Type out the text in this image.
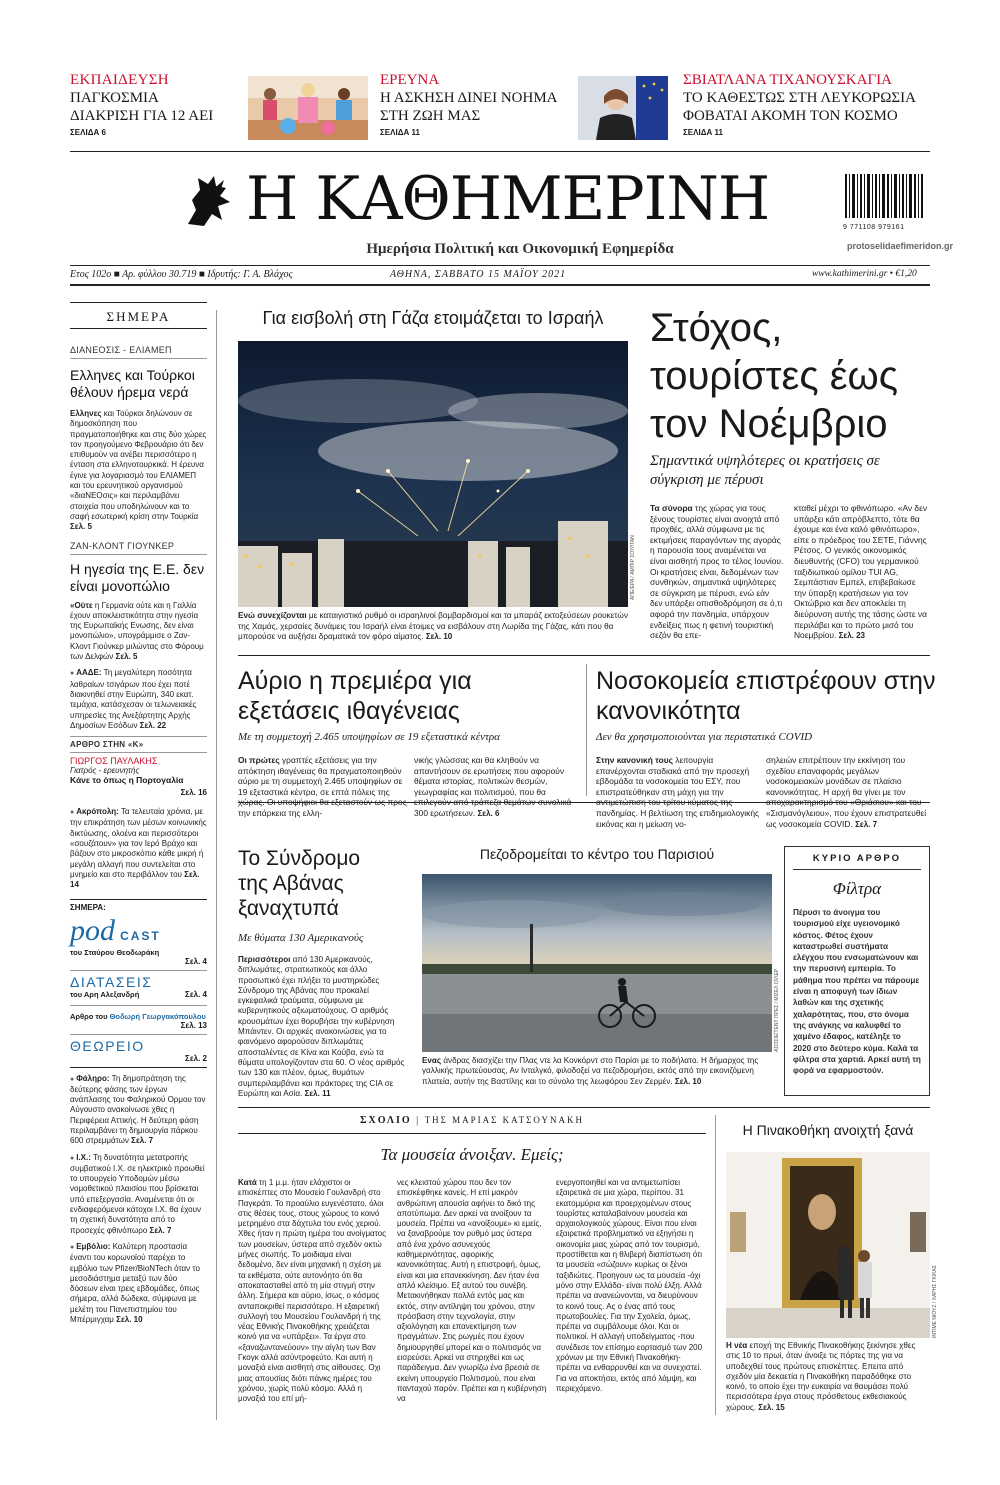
ΕΚΠΑΙΔΕΥΣΗ
ΠΑΓΚΟΣΜΙΑ ΔΙΑΚΡΙΣΗ ΓΙΑ 12 ΑΕΙ
ΣΕΛΙΔΑ 6
ΕΡΕΥΝΑ
Η ΑΣΚΗΣΗ ΔΙΝΕΙ ΝΟΗΜΑ ΣΤΗ ΖΩΗ ΜΑΣ
ΣΕΛΙΔΑ 11
ΣΒΙΑΤΛΑΝΑ ΤΙΧΑΝΟΥΣΚΑΓΙΑ
ΤΟ ΚΑΘΕΣΤΩΣ ΣΤΗ ΛΕΥΚΟΡΩΣΙΑ ΦΟΒΑΤΑΙ ΑΚΟΜΗ ΤΟΝ ΚΟΣΜΟ
ΣΕΛΙΔΑ 11
Η ΚΑΘΗΜΕΡΙΝΗ
Ημερήσια Πολιτική και Οικονομική Εφημερίδα
9 771108 979161
protoselidaefimeridon.gr
Ετος 102ο ■ Αρ. φύλλου 30.719 ■ Ιδρυτής: Γ. Α. Βλάχος	ΑΘΗΝΑ, ΣΑΒΒΑΤΟ 15 ΜΑΪΟΥ 2021	www.kathimerini.gr • €1,20
ΣΗΜΕΡΑ
ΔΙΑΝΕΟΣΙΣ - ΕΛΙΑΜΕΠ
Ελληνες και Τούρκοι θέλουν ήρεμα νερά
Ελληνες και Τούρκοι δηλώνουν σε δημοσκόπηση που πραγματοποιήθηκε και στις δύο χώρες τον προηγούμενο Φεβρουάριο ότι δεν επιθυμούν να ανέβει περισσότερο η ένταση στα ελληνοτουρκικά. Η έρευνα έγινε για λογαριασμό του ΕΛΙΑΜΕΠ και του ερευνητικού οργανισμού «διαΝΕΟσις» και περιλαμβάνει στοιχεία που υποδηλώνουν και το σαφή εσωτερική κρίση στην Τουρκία Σελ. 5
ΖΑΝ-ΚΛΟΝΤ ΓΙΟΥΝΚΕΡ
Η ηγεσία της Ε.Ε. δεν είναι μονοπώλιο
«Ούτε η Γερμανία ούτε και η Γαλλία έχουν αποκλειστικότητα στην ηγεσία της Ευρωπαϊκής Ενωσης, δεν είναι μονοπώλιο», υπογράμμισε ο Ζαν-Κλοντ Γιούνκερ μιλώντας στο Φόρουμ των Δελφών Σελ. 5
● ΑΑΔΕ: Τη μεγαλύτερη ποσότητα λαθραίων τσιγάρων που έχει ποτέ διακινηθεί στην Ευρώπη, 340 εκατ. τεμάχια, κατάσχεσαν οι τελωνειακές υπηρεσίες της Ανεξάρτητης Αρχής Δημοσίων Εσόδων Σελ. 22
ΑΡΘΡΟ ΣΤΗΝ «Κ»
ΓΙΩΡΓΟΣ ΠΑΥΛΑΚΗΣ
Γιατρός - ερευνητής
Κάνε το όπως η Πορτογαλία
Σελ. 16
● Ακρόπολη: Τα τελευταία χρόνια, με την επικράτηση των μέσων κοινωνικής δικτύωσης, ολοένα και περισσότεροι «σουζάτουν» για τον Ιερό Βράχο και βάζουν στο μικροσκόπιο κάθε μικρή ή μεγάλη αλλαγή που συντελείται στο μνημείο και στο περιβάλλον του Σελ. 14
ΣΗΜΕΡΑ:
pod CAST
του Σταύρου Θεοδωράκη
Σελ. 4
ΔΙΑΤΑΣΕΙΣ
του Αρη Αλεξανδρή	Σελ. 4
Αρθρο του Θοδωρή Γεωργακόπουλου
Σελ. 13
ΘΕΩΡΕΙΟ
Σελ. 2
● Φάληρο: Τη δημοπράτηση της δεύτερης φάσης των έργων ανάπλασης του Φαληρικού Ορμου τον Αύγουστο ανακοίνωσε χθες η Περιφέρεια Αττικής. Η δεύτερη φάση περιλαμβάνει τη δημιουργία πάρκου 600 στρεμμάτων Σελ. 7
● Ι.Χ.: Τη δυνατότητα μετατροπής συμβατικού Ι.Χ. σε ηλεκτρικό προωθεί το υπουργείο Υποδομών μέσω νομοθετικού πλαισίου που βρίσκεται υπό επεξεργασία. Αναμένεται ότι οι ενδιαφερόμενοι κάτοχοι Ι.Χ. θα έχουν τη σχετική δυνατότητα από το προσεχές φθινόπωρο Σελ. 7
● Εμβόλιο: Καλύτερη προστασία έναντι του κορωνοϊού παρέχει το εμβόλιο των Pfizer/BioNTech όταν το μεσοδιάστημα μεταξύ των δύο δόσεων είναι τρεις εβδομάδες, όπως σήμερα, αλλά δώδεκα, σύμφωνα με μελέτη του Πανεπιστημίου του Μπέρμιγχαμ Σελ. 10
Για εισβολή στη Γάζα ετοιμάζεται το Ισραήλ
ΑΠΕ/EPA / ΑΜΠΙΡ ΣΟΥΛΤΑΝ
Ενώ συνεχίζονται με καταιγιστικό ρυθμό οι ισραηλινοί βομβαρδισμοί και τα μπαράζ εκτοξεύσεων ρουκετών της Χαμάς, χερσαίες δυνάμεις του Ισραήλ είναι έτοιμες να εισβάλουν στη Λωρίδα της Γάζας, κάτι που θα μπορούσε να αυξήσει δραματικά τον φόρο αίματος. Σελ. 10
Στόχος, τουρίστες έως τον Νοέμβριο
Σημαντικά υψηλότερες οι κρατήσεις σε σύγκριση με πέρυσι
Τα σύνορα της χώρας για τους ξένους τουρίστες είναι ανοιχτά από προχθές, αλλά σύμφωνα με τις εκτιμήσεις παραγόντων της αγοράς η παρουσία τους αναμένεται να είναι αισθητή προς το τέλος Ιουνίου. Οι κρατήσεις είναι, δεδομένων των συνθηκών, σημαντικά υψηλότερες σε σύγκριση με πέρυσι, ενώ εάν δεν υπάρξει οπισθοδρόμηση σε ό,τι αφορά την πανδημία, υπάρχουν ενδείξεις πως η φετινή τουριστική σεζόν θα επε-
κταθεί μέχρι το φθινόπωρο. «Αν δεν υπάρξει κάτι απρόβλεπτο, τότε θα έχουμε και ένα καλό φθινόπωρο», είπε ο πρόεδρος του ΣΕΤΕ, Γιάννης Ρέτσος. Ο γενικός οικονομικός διευθυντής (CFO) του γερμανικού ταξιδιωτικού ομίλου TUI AG, Σεμπάστιαν Εμπελ, επιβεβαίωσε την ύπαρξη κρατήσεων για τον Οκτώβριο και δεν αποκλείει τη διεύρυνση αυτής της τάσης ώστε να περιλάβει και το πρώτο μισό του Νοεμβρίου. Σελ. 23
Αύριο η πρεμιέρα για εξετάσεις ιθαγένειας
Με τη συμμετοχή 2.465 υποψηφίων σε 19 εξεταστικά κέντρα
Οι πρώτες γραπτές εξετάσεις για την απόκτηση ιθαγένειας θα πραγματοποιηθούν αύριο με τη συμμετοχή 2.465 υποψηφίων σε 19 εξεταστικά κέντρα, σε επτά πόλεις της την επάρκεια της ελλη-
νικής γλώσσας και θα κληθούν να απαντήσουν σε ερωτήσεις που αφορούν θέματα ιστορίας, πολιτικών θεσμών, γεωγραφίας και πολιτισμού, που θα 300 ερωτήσεων. Σελ. 6
Νοσοκομεία επιστρέφουν στην κανονικότητα
Δεν θα χρησιμοποιούνται για περιστατικά COVID
Στην κανονική τους λειτουργία επανέρχονται σταδιακά από την προσεχή εβδομάδα τα νοσοκομεία του ΕΣΥ, που επιστρατεύθηκαν στη μάχη για την πανδημίας. Η βελτίωση της επιδημιολογικής εικόνας και η μείωση νο-
σηλειών επιτρέπουν την εκκίνηση του σχεδίου επαναφοράς μεγάλων νοσοκομειακών μονάδων σε πλαίσιο κανονικότητας. Η αρχή θα γίνει με τον «Σισμανόγλειου», που έχουν επιστρατευθεί ως νοσοκομεία COVID. Σελ. 7
Το Σύνδρομο της Αβάνας ξαναχτυπά
Με θύματα 130 Αμερικανούς
Περισσότεροι από 130 Αμερικανούς, διπλωμάτες, στρατιωτικούς και άλλο προσωπικό έχει πλήξει το μυστηριώδες Σύνδρομο της Αβάνας που προκαλεί εγκεφαλικά τραύματα, σύμφωνα με κυβερνητικούς αξιωματούχους. Ο αριθμός κρουσμάτων έχει θορυβήσει την κυβέρνηση Μπάιντεν. Οι αρχικές ανακοινώσεις για το φαινόμενο αφορούσαν διπλωμάτες αποσταλέντες σε Κίνα και Κούβα, ενώ τα θύματα υπολογίζονταν στα 60. Ο νέος αριθμός των 130 και πλέον, όμως, θυμάτων συμπεριλαμβάνει και πράκτορες της CIA σε Ευρώπη και Ασία. Σελ. 11
Πεζοδρομείται το κέντρο του Παρισιού
ΑΣΟΣΙΕΪΤΕΝΤ ΠΡΕΣ / ΜΙΣΕΛ ΟΪΛΕΡ
Ενας άνδρας διασχίζει την Πλας ντε λα Κονκόρντ στο Παρίσι με το ποδήλατο. Η δήμαρχος της γαλλικής πρωτεύουσας, Αν Ινταλγκό, φιλοδοξεί να πεζοδρομήσει, εκτός από την εικονιζόμενη πλατεία, αυτήν της Βαστίλης και το σύνολο της λεωφόρου Σεν Ζερμέν. Σελ. 10
ΚΥΡΙΟ ΑΡΘΡΟ
Φίλτρα
Πέρυσι το άνοιγμα του τουρισμού είχε υγειονομικό κόστος. Φέτος έχουν καταστρωθεί συστήματα ελέγχου που ενσωματώνουν και την περυσινή εμπειρία. Το μάθημα που πρέπει να πάρουμε είναι η αποφυγή των ίδιων λαθών και της σχετικής χαλαρότητας, που, στο όνομα της ανάγκης να καλυφθεί το χαμένο έδαφος, κατέληξε το 2020 στο δεύτερο κύμα. Καλά τα φίλτρα στα χαρτιά. Αρκεί αυτή τη φορά να εφαρμοστούν.
ΣΧΟΛΙΟ | ΤΗΣ ΜΑΡΙΑΣ ΚΑΤΣΟΥΝΑΚΗ
Τα μουσεία άνοιξαν. Εμείς;
Κατά τη 1 μ.μ. ήταν ελάχιστοι οι επισκέπτες στο Μουσείο Γουλανδρή στο Παγκράτι. Το προαύλιο ευγενέστατο, όλοι στις θέσεις τους, στους χώρους το κοινό μετρημένο στα δάχτυλα του ενός χεριού. Χθες ήταν η πρώτη ημέρα του ανοίγματος των μουσείων, ύστερα από σχεδόν οκτώ μήνες σιωπής. Το μοιδιαμα είναι δεδομένο, δεν είναι μηχανική η σχέση με τα εκθέματα, ούτε αυτονόητο ότι θα αποκατασταθεί από τη μία στιγμή στην άλλη. Σήμερα και αύριο, ίσως, ο κόσμος ανταποκριθεί περισσότερο. Η εξαιρετική συλλογή του Μουσείου Γουλανδρή ή της νέας Εθνικής Πινακοθήκης χρειάζεται κοινό για να «υπάρξει». Τα έργα στο «ξαναζωντανεύουν» την αίγλη των Βαν Γκογκ αλλά ασύντροφεύτο. Και αυτή η μοναξιά είναι αισθητή στις αίθουσες. Οχι μιας απουσίας διότι πάνκς ημέρες του χρόνου, χωρίς πολύ κόσμο. Αλλά η μοναξιά του επί μή-
νες κλειστού χώρου που δεν τον επισκέφθηκε κανείς. Η επί μακρόν ανθρώπινη απουσία αφήνει το δικό της αποτύπωμα. Δεν αρκεί να ανοίξουν τα μουσεία. Πρέπει να «ανοίξουμε» κι εμείς, να ξαναβρούμε τον ρυθμό μας ύστερα από ένα χρόνο ασυνεχούς καθημερινότητας, αφορικής κανονικότητας. Αυτή η επιστροφή, όμως, είναι και μια επανεκκίνηση. Δεν ήταν ένα απλό κλείσιμο. Εξ αυτού του συνέβη. Μετακινήθηκαν πολλά εντός μας και εκτός, στην αντίληψη του χρόνου, στην πρόσβαση στην τεχνολογία, στην αξιολόγηση και επανεκτίμηση των πραγμάτων. Στις ρωγμές που έχουν δημιουργηθεί μπορεί και ο πολιτισμός να εισρεύσει. Αρκεί να στηριχθεί και ως παράδειγμα. Δεν γνωρίζω ένα βρεσιά σε εκείνη υπουργείο Πολιτισμού, που είναι πανταχού παρόν. Πρέπει και η κυβέρνηση να
ενεργοποιηθεί και να αντιμετωπίσει εξαιρετικά σε μια χώρα, περίπου. 31 εκατομμύρια και προερχομένων στους τουρίστες καταλαβαίνουν μουσεία και αρχαιολογικούς χώρους. Είναι που είναι εξαιρετικά προβληματικό να εξηγήσει η οικονομία μιας χώρας από τον τουρισμό, προστίθεται και η θλιβερή διαπίστωση ότι τα μουσεία «σώζουν» κυρίως οι ξένοι ταξιδιώτες. Προηγουν ως τα μουσεία -όχι μόνο στην Ελλάδα- είναι πολύ έλξη. Αλλά πρέπει να ανανεώνονται, να διευρύνουν το κοινό τους. Ας ο ένας από τους πρωτοβουλίες. Για την Σχολεία, όμως, πρέπει να συμβάλουμε όλοι. Και οι πολιτικοί. Η αλλαγή υποδείγματος -που συνέδεσε τον επίσημο εορτασμό των 200 χρόνων με την Εθνική Πινακοθήκη- πρέπει να ενθαρρυνθεί και να συνεχιστεί. Για να αποκτήσει, εκτός από λάμψη, και περιεχόμενο.
Η Πινακοθήκη ανοιχτή ξανά
ΙΝΤΙΜΕ ΝΙΟΥΖ / ΧΑΡΗΣ ΓΚΙΚΑΣ
Η νέα εποχή της Εθνικής Πινακοθήκης ξεκίνησε χθες στις 10 το πρωί, όταν άνοιξε τις πόρτες της για να υποδεχθεί τους πρώτους επισκέπτες. Επειτα από σχεδόν μία δεκαετία η Πινακοθήκη παραδόθηκε στο κοινό, το οποίο έχει την ευκαιρία να θαυμάσει πολύ περισσότερα έργα στους πρόσθετους εκθεσιακούς χώρους. Σελ. 15
